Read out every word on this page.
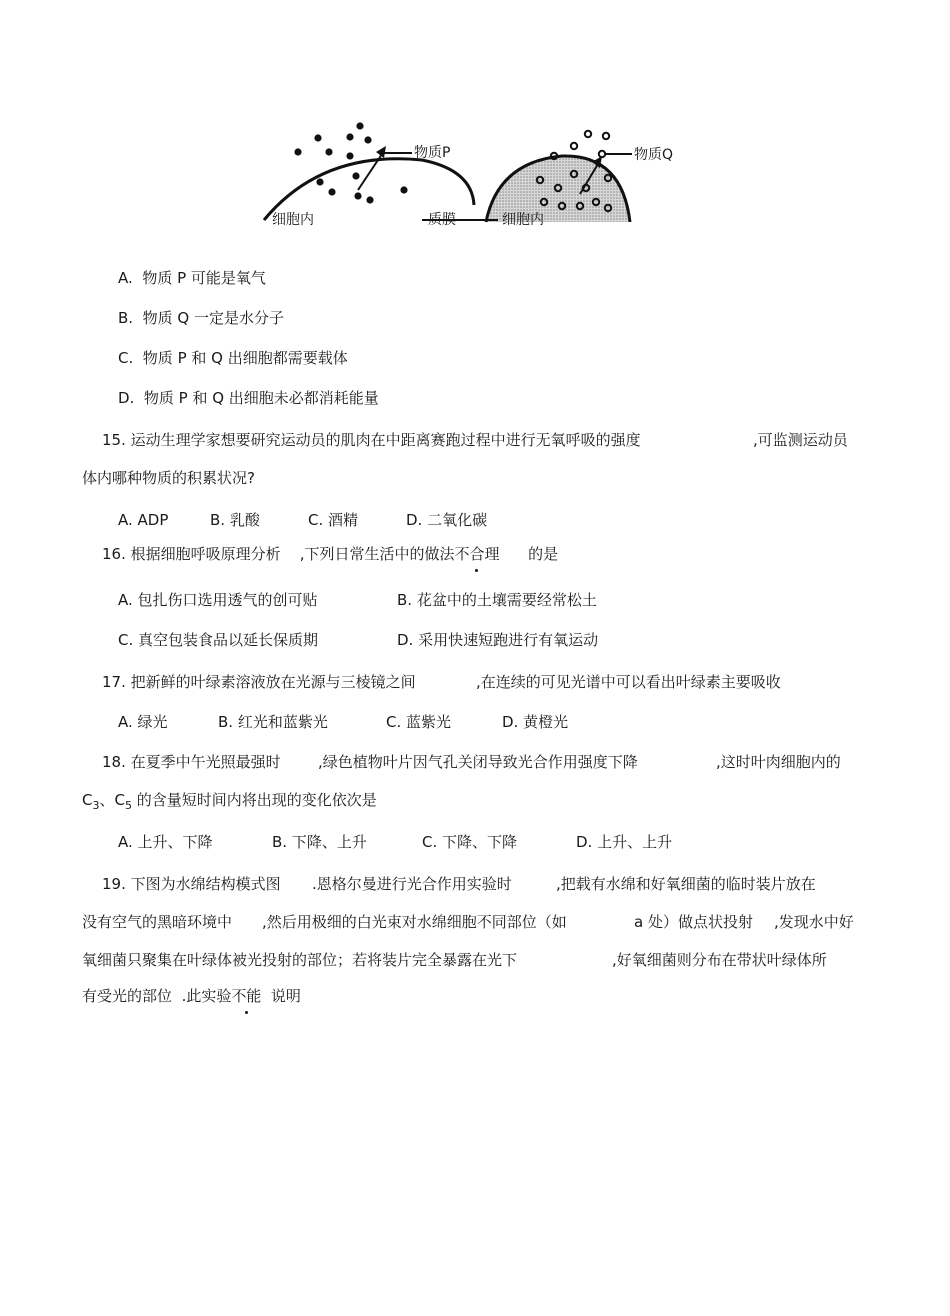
物质P	物质Q
细胞内	质膜	细胞内
A. 物质 P 可能是氧气
B. 物质 Q 一定是水分子
C. 物质 P 和 Q 出细胞都需要载体
D. 物质 P 和 Q 出细胞未必都消耗能量
15. 运动生理学家想要研究运动员的肌肉在中距离赛跑过程中进行无氧呼吸的强度	,可监测运动员
体内哪种物质的积累状况?
A. ADP	B. 乳酸	C. 酒精	D. 二氧化碳
16. 根据细胞呼吸原理分析 ,下列日常生活中的做法不合理 的是
A. 包扎伤口选用透气的创可贴	B. 花盆中的土壤需要经常松土
C. 真空包装食品以延长保质期	D. 采用快速短跑进行有氧运动
17. 把新鲜的叶绿素溶液放在光源与三棱镜之间	,在连续的可见光谱中可以看出叶绿素主要吸收
A. 绿光	B. 红光和蓝紫光	C. 蓝紫光	D. 黄橙光
18. 在夏季中午光照最强时 ,绿色植物叶片因气孔关闭导致光合作用强度下降	,这时叶肉细胞内的
$C_3$、$C_5$ 的含量短时间内将出现的变化依次是
A. 上升、下降	B. 下降、上升	C. 下降、下降	D. 上升、上升
19. 下图为水绵结构模式图 .恩格尔曼进行光合作用实验时	,把载有水绵和好氧细菌的临时装片放在
没有空气的黑暗环境中 ,然后用极细的白光束对水绵细胞不同部位（如	a 处）做点状投射 ,发现水中好
氧细菌只聚集在叶绿体被光投射的部位；若将装片完全暴露在光下	,好氧细菌则分布在带状叶绿体所
有受光的部位 .此实验不能 说明
